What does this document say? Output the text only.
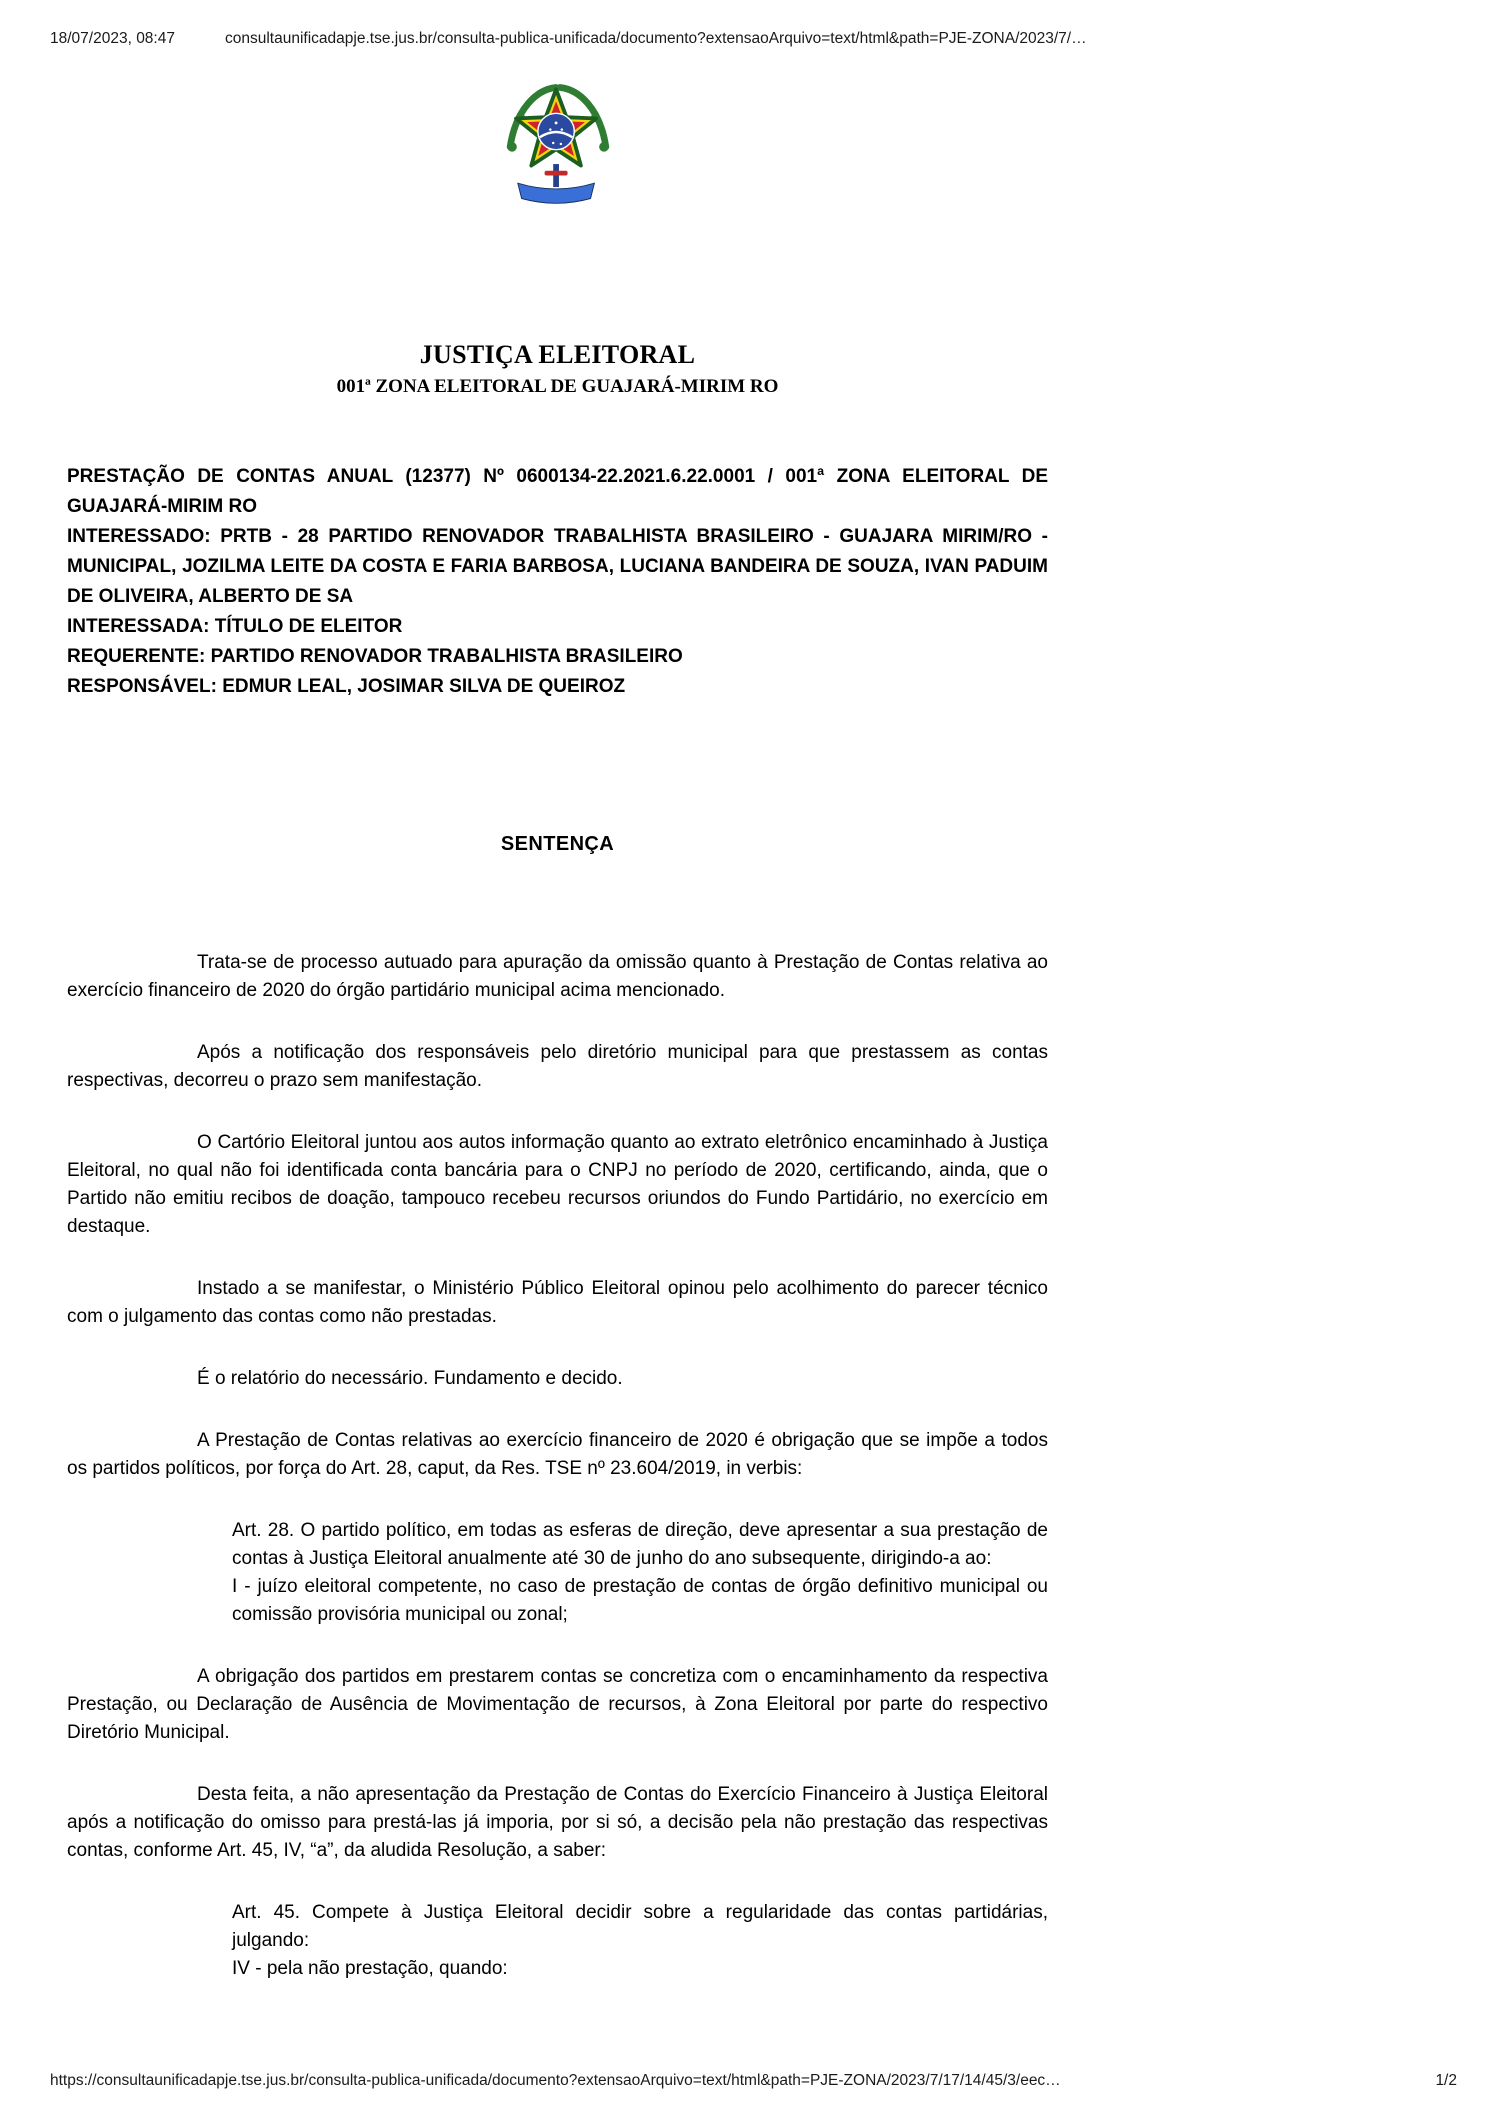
18/07/2023, 08:47	consultaunificadapje.tse.jus.br/consulta-publica-unificada/documento?extensaoArquivo=text/html&path=PJE-ZONA/2023/7/…
JUSTIÇA ELEITORAL
001ª ZONA ELEITORAL DE GUAJARÁ-MIRIM RO
PRESTAÇÃO DE CONTAS ANUAL (12377) Nº 0600134-22.2021.6.22.0001 / 001ª ZONA ELEITORAL DE GUAJARÁ-MIRIM RO
INTERESSADO: PRTB - 28 PARTIDO RENOVADOR TRABALHISTA BRASILEIRO - GUAJARA MIRIM/RO - MUNICIPAL, JOZILMA LEITE DA COSTA E FARIA BARBOSA, LUCIANA BANDEIRA DE SOUZA, IVAN PADUIM DE OLIVEIRA, ALBERTO DE SA
INTERESSADA: TÍTULO DE ELEITOR
REQUERENTE: PARTIDO RENOVADOR TRABALHISTA BRASILEIRO
RESPONSÁVEL: EDMUR LEAL, JOSIMAR SILVA DE QUEIROZ
SENTENÇA

Trata-se de processo autuado para apuração da omissão quanto à Prestação de Contas relativa ao exercício financeiro de 2020 do órgão partidário municipal acima mencionado.

Após a notificação dos responsáveis pelo diretório municipal para que prestassem as contas respectivas, decorreu o prazo sem manifestação.

O Cartório Eleitoral juntou aos autos informação quanto ao extrato eletrônico encaminhado à Justiça Eleitoral, no qual não foi identificada conta bancária para o CNPJ no período de 2020, certificando, ainda, que o Partido não emitiu recibos de doação, tampouco recebeu recursos oriundos do Fundo Partidário, no exercício em destaque.

Instado a se manifestar, o Ministério Público Eleitoral opinou pelo acolhimento do parecer técnico com o julgamento das contas como não prestadas.

É o relatório do necessário. Fundamento e decido.

A Prestação de Contas relativas ao exercício financeiro de 2020 é obrigação que se impõe a todos os partidos políticos, por força do Art. 28, caput, da Res. TSE nº 23.604/2019, in verbis:

Art. 28. O partido político, em todas as esferas de direção, deve apresentar a sua prestação de contas à Justiça Eleitoral anualmente até 30 de junho do ano subsequente, dirigindo-a ao:
I - juízo eleitoral competente, no caso de prestação de contas de órgão definitivo municipal ou comissão provisória municipal ou zonal;

A obrigação dos partidos em prestarem contas se concretiza com o encaminhamento da respectiva Prestação, ou Declaração de Ausência de Movimentação de recursos, à Zona Eleitoral por parte do respectivo Diretório Municipal.

Desta feita, a não apresentação da Prestação de Contas do Exercício Financeiro à Justiça Eleitoral após a notificação do omisso para prestá-las já imporia, por si só, a decisão pela não prestação das respectivas contas, conforme Art. 45, IV, “a”, da aludida Resolução, a saber:

Art. 45. Compete à Justiça Eleitoral decidir sobre a regularidade das contas partidárias, julgando:
IV - pela não prestação, quando:

https://consultaunificadapje.tse.jus.br/consulta-publica-unificada/documento?extensaoArquivo=text/html&path=PJE-ZONA/2023/7/17/14/45/3/eec…	1/2
